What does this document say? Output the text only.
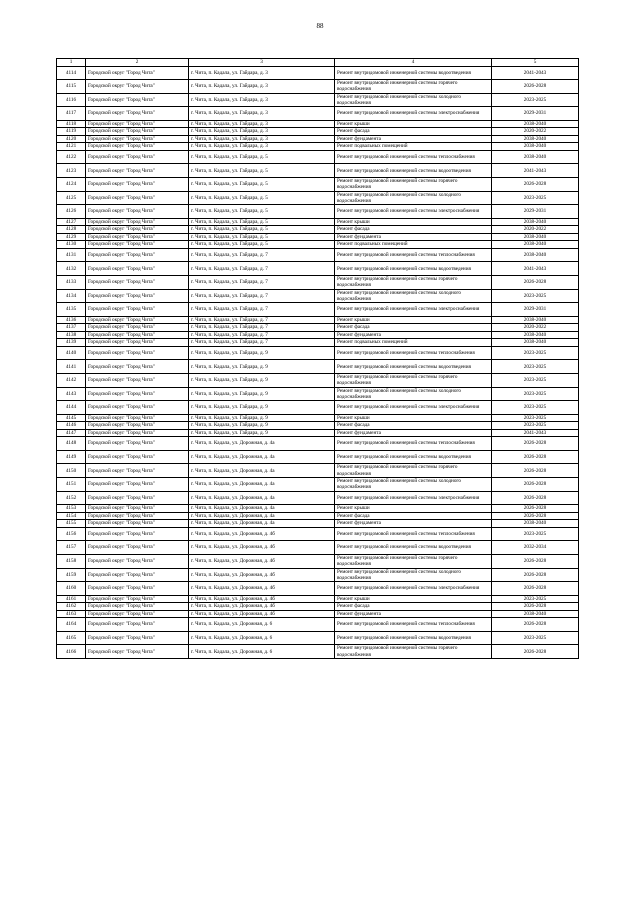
88
1	2	3	4	5
4114	Городской округ "Город Чита"	г. Чита, п. Кадала, ул. Гайдара, д. 3	Ремонт внутридомовой инженерной системы водоотведения	2041-2043
4115	Городской округ "Город Чита"	г. Чита, п. Кадала, ул. Гайдара, д. 3	Ремонт внутридомовой инженерной системы горячего водоснабжения	2026-2028
4116	Городской округ "Город Чита"	г. Чита, п. Кадала, ул. Гайдара, д. 3	Ремонт внутридомовой инженерной системы холодного водоснабжения	2023-2025
4117	Городской округ "Город Чита"	г. Чита, п. Кадала, ул. Гайдара, д. 3	Ремонт внутридомовой инженерной системы электроснабжения	2029-2031
4118	Городской округ "Город Чита"	г. Чита, п. Кадала, ул. Гайдара, д. 3	Ремонт крыши	2038-2040
4119	Городской округ "Город Чита"	г. Чита, п. Кадала, ул. Гайдара, д. 3	Ремонт фасада	2020-2022
4120	Городской округ "Город Чита"	г. Чита, п. Кадала, ул. Гайдара, д. 3	Ремонт фундамента	2038-2040
4121	Городской округ "Город Чита"	г. Чита, п. Кадала, ул. Гайдара, д. 3	Ремонт подвальных помещений	2038-2040
4122	Городской округ "Город Чита"	г. Чита, п. Кадала, ул. Гайдара, д. 5	Ремонт внутридомовой инженерной системы теплоснабжения	2038-2040
4123	Городской округ "Город Чита"	г. Чита, п. Кадала, ул. Гайдара, д. 5	Ремонт внутридомовой инженерной системы водоотведения	2041-2043
4124	Городской округ "Город Чита"	г. Чита, п. Кадала, ул. Гайдара, д. 5	Ремонт внутридомовой инженерной системы горячего водоснабжения	2026-2028
4125	Городской округ "Город Чита"	г. Чита, п. Кадала, ул. Гайдара, д. 5	Ремонт внутридомовой инженерной системы холодного водоснабжения	2023-2025
4126	Городской округ "Город Чита"	г. Чита, п. Кадала, ул. Гайдара, д. 5	Ремонт внутридомовой инженерной системы электроснабжения	2029-2031
4127	Городской округ "Город Чита"	г. Чита, п. Кадала, ул. Гайдара, д. 5	Ремонт крыши	2038-2040
4128	Городской округ "Город Чита"	г. Чита, п. Кадала, ул. Гайдара, д. 5	Ремонт фасада	2020-2022
4129	Городской округ "Город Чита"	г. Чита, п. Кадала, ул. Гайдара, д. 5	Ремонт фундамента	2038-2040
4130	Городской округ "Город Чита"	г. Чита, п. Кадала, ул. Гайдара, д. 5	Ремонт подвальных помещений	2038-2040
4131	Городской округ "Город Чита"	г. Чита, п. Кадала, ул. Гайдара, д. 7	Ремонт внутридомовой инженерной системы теплоснабжения	2038-2040
4132	Городской округ "Город Чита"	г. Чита, п. Кадала, ул. Гайдара, д. 7	Ремонт внутридомовой инженерной системы водоотведения	2041-2043
4133	Городской округ "Город Чита"	г. Чита, п. Кадала, ул. Гайдара, д. 7	Ремонт внутридомовой инженерной системы горячего водоснабжения	2026-2028
4134	Городской округ "Город Чита"	г. Чита, п. Кадала, ул. Гайдара, д. 7	Ремонт внутридомовой инженерной системы холодного водоснабжения	2023-2025
4135	Городской округ "Город Чита"	г. Чита, п. Кадала, ул. Гайдара, д. 7	Ремонт внутридомовой инженерной системы электроснабжения	2029-2031
4136	Городской округ "Город Чита"	г. Чита, п. Кадала, ул. Гайдара, д. 7	Ремонт крыши	2038-2040
4137	Городской округ "Город Чита"	г. Чита, п. Кадала, ул. Гайдара, д. 7	Ремонт фасада	2020-2022
4138	Городской округ "Город Чита"	г. Чита, п. Кадала, ул. Гайдара, д. 7	Ремонт фундамента	2038-2040
4139	Городской округ "Город Чита"	г. Чита, п. Кадала, ул. Гайдара, д. 7	Ремонт подвальных помещений	2038-2040
4140	Городской округ "Город Чита"	г. Чита, п. Кадала, ул. Гайдара, д. 9	Ремонт внутридомовой инженерной системы теплоснабжения	2023-2025
4141	Городской округ "Город Чита"	г. Чита, п. Кадала, ул. Гайдара, д. 9	Ремонт внутридомовой инженерной системы водоотведения	2023-2025
4142	Городской округ "Город Чита"	г. Чита, п. Кадала, ул. Гайдара, д. 9	Ремонт внутридомовой инженерной системы горячего водоснабжения	2023-2025
4143	Городской округ "Город Чита"	г. Чита, п. Кадала, ул. Гайдара, д. 9	Ремонт внутридомовой инженерной системы холодного водоснабжения	2023-2025
4144	Городской округ "Город Чита"	г. Чита, п. Кадала, ул. Гайдара, д. 9	Ремонт внутридомовой инженерной системы электроснабжения	2023-2025
4145	Городской округ "Город Чита"	г. Чита, п. Кадала, ул. Гайдара, д. 9	Ремонт крыши	2023-2025
4146	Городской округ "Город Чита"	г. Чита, п. Кадала, ул. Гайдара, д. 9	Ремонт фасада	2023-2025
4147	Городской округ "Город Чита"	г. Чита, п. Кадала, ул. Гайдара, д. 9	Ремонт фундамента	2041-2043
4148	Городской округ "Город Чита"	г. Чита, п. Кадала, ул. Дорожная, д. 4а	Ремонт внутридомовой инженерной системы теплоснабжения	2026-2028
4149	Городской округ "Город Чита"	г. Чита, п. Кадала, ул. Дорожная, д. 4а	Ремонт внутридомовой инженерной системы водоотведения	2026-2028
4150	Городской округ "Город Чита"	г. Чита, п. Кадала, ул. Дорожная, д. 4а	Ремонт внутридомовой инженерной системы горячего водоснабжения	2026-2028
4151	Городской округ "Город Чита"	г. Чита, п. Кадала, ул. Дорожная, д. 4а	Ремонт внутридомовой инженерной системы холодного водоснабжения	2026-2028
4152	Городской округ "Город Чита"	г. Чита, п. Кадала, ул. Дорожная, д. 4а	Ремонт внутридомовой инженерной системы электроснабжения	2026-2028
4153	Городской округ "Город Чита"	г. Чита, п. Кадала, ул. Дорожная, д. 4а	Ремонт крыши	2026-2028
4154	Городской округ "Город Чита"	г. Чита, п. Кадала, ул. Дорожная, д. 4а	Ремонт фасада	2026-2028
4155	Городской округ "Город Чита"	г. Чита, п. Кадала, ул. Дорожная, д. 4а	Ремонт фундамента	2038-2040
4156	Городской округ "Город Чита"	г. Чита, п. Кадала, ул. Дорожная, д. 4б	Ремонт внутридомовой инженерной системы теплоснабжения	2023-2025
4157	Городской округ "Город Чита"	г. Чита, п. Кадала, ул. Дорожная, д. 4б	Ремонт внутридомовой инженерной системы водоотведения	2032-2034
4158	Городской округ "Город Чита"	г. Чита, п. Кадала, ул. Дорожная, д. 4б	Ремонт внутридомовой инженерной системы горячего водоснабжения	2026-2028
4159	Городской округ "Город Чита"	г. Чита, п. Кадала, ул. Дорожная, д. 4б	Ремонт внутридомовой инженерной системы холодного водоснабжения	2026-2028
4160	Городской округ "Город Чита"	г. Чита, п. Кадала, ул. Дорожная, д. 4б	Ремонт внутридомовой инженерной системы электроснабжения	2026-2028
4161	Городской округ "Город Чита"	г. Чита, п. Кадала, ул. Дорожная, д. 4б	Ремонт крыши	2023-2025
4162	Городской округ "Город Чита"	г. Чита, п. Кадала, ул. Дорожная, д. 4б	Ремонт фасада	2026-2028
4163	Городской округ "Город Чита"	г. Чита, п. Кадала, ул. Дорожная, д. 4б	Ремонт фундамента	2038-2040
4164	Городской округ "Город Чита"	г. Чита, п. Кадала, ул. Дорожная, д. 6	Ремонт внутридомовой инженерной системы теплоснабжения	2026-2028
4165	Городской округ "Город Чита"	г. Чита, п. Кадала, ул. Дорожная, д. 6	Ремонт внутридомовой инженерной системы водоотведения	2023-2025
4166	Городской округ "Город Чита"	г. Чита, п. Кадала, ул. Дорожная, д. 6	Ремонт внутридомовой инженерной системы горячего водоснабжения	2026-2028
